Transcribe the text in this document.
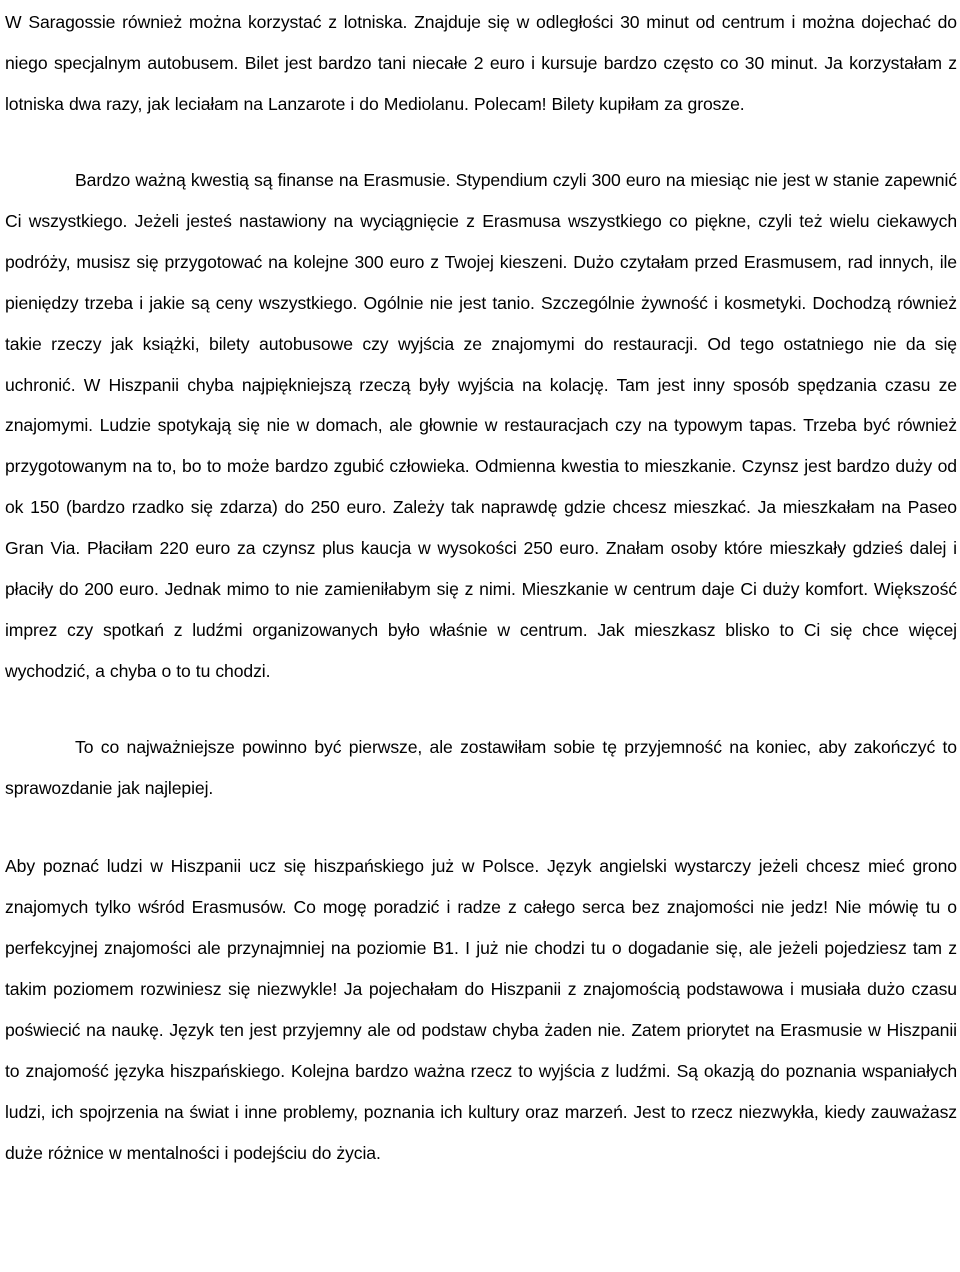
W Saragossie również można korzystać z lotniska. Znajduje się w odległości 30 minut od centrum i można dojechać do niego specjalnym autobusem. Bilet jest bardzo tani niecałe 2 euro i kursuje bardzo często co 30 minut. Ja korzystałam z lotniska dwa razy, jak leciałam na Lanzarote i do Mediolanu. Polecam! Bilety kupiłam za grosze.

Bardzo ważną kwestią są finanse na Erasmusie. Stypendium czyli 300 euro na miesiąc nie jest w stanie zapewnić Ci wszystkiego. Jeżeli jesteś nastawiony na wyciągnięcie z Erasmusa wszystkiego co piękne, czyli też wielu ciekawych podróży, musisz się przygotować na kolejne 300 euro z Twojej kieszeni. Dużo czytałam przed Erasmusem, rad innych, ile pieniędzy trzeba i jakie są ceny wszystkiego. Ogólnie nie jest tanio. Szczególnie żywność i kosmetyki. Dochodzą również takie rzeczy jak książki, bilety autobusowe czy wyjścia ze znajomymi do restauracji. Od tego ostatniego nie da się uchronić. W Hiszpanii chyba najpiękniejszą rzeczą były wyjścia na kolację. Tam jest inny sposób spędzania czasu ze znajomymi. Ludzie spotykają się nie w domach, ale głownie w restauracjach czy na typowym tapas. Trzeba być również przygotowanym na to, bo to może bardzo zgubić człowieka. Odmienna kwestia to mieszkanie. Czynsz jest bardzo duży od ok 150 (bardzo rzadko się zdarza) do 250 euro. Zależy tak naprawdę gdzie chcesz mieszkać. Ja mieszkałam na Paseo Gran Via. Płaciłam 220 euro za czynsz plus kaucja w wysokości 250 euro. Znałam osoby które mieszkały gdzieś dalej i płaciły do 200 euro. Jednak mimo to nie zamieniłabym się z nimi. Mieszkanie w centrum daje Ci duży komfort. Większość imprez czy spotkań z ludźmi organizowanych było właśnie w centrum. Jak mieszkasz blisko to Ci się chce więcej wychodzić, a chyba o to tu chodzi.

To co najważniejsze powinno być pierwsze, ale zostawiłam sobie tę przyjemność na koniec, aby zakończyć to sprawozdanie jak najlepiej.

Aby poznać ludzi w Hiszpanii ucz się hiszpańskiego już w Polsce. Język angielski wystarczy jeżeli chcesz mieć grono znajomych tylko wśród Erasmusów. Co mogę poradzić i radze z całego serca bez znajomości nie jedz! Nie mówię tu o perfekcyjnej znajomości ale przynajmniej na poziomie B1. I już nie chodzi tu o dogadanie się, ale jeżeli pojedziesz tam z takim poziomem rozwiniesz się niezwykle! Ja pojechałam do Hiszpanii z znajomością podstawowa i musiała dużo czasu poświecić na naukę. Język ten jest przyjemny ale od podstaw chyba żaden nie. Zatem priorytet na Erasmusie w Hiszpanii to znajomość języka hiszpańskiego. Kolejna bardzo ważna rzecz to wyjścia z ludźmi. Są okazją do poznania wspaniałych ludzi, ich spojrzenia na świat i inne problemy, poznania ich kultury oraz marzeń. Jest to rzecz niezwykła, kiedy zauważasz duże różnice w mentalności i podejściu do życia.
